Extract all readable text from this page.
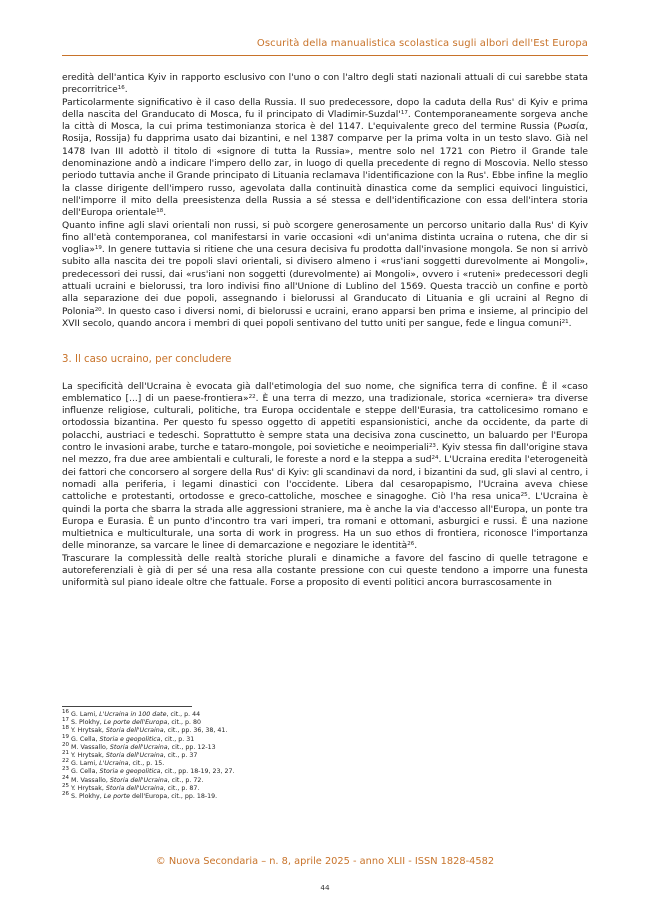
Oscurità della manualistica scolastica sugli albori dell'Est Europa

eredità dell'antica Kyiv in rapporto esclusivo con l'uno o con l'altro degli stati nazionali attuali di cui sarebbe stata precorritrice$^{16}$.

Particolarmente significativo è il caso della Russia. Il suo predecessore, dopo la caduta della Rus' di Kyiv e prima della nascita del Granducato di Mosca, fu il principato di Vladimir-$Suzdal'^{17}$. Contemporaneamente sorgeva anche la città di Mosca, la cui prima testimonianza storica è del 1147. L'equivalente greco del termine Russia (Ρωσία, Rosija, Rossija) fu dapprima usato dai bizantini, e nel 1387 comparve per la prima volta in un testo slavo. Già nel 1478 Ivan III adottò il titolo di «signore di tutta la Russia», mentre solo nel 1721 con Pietro il Grande tale denominazione andò a indicare l'impero dello zar, in luogo di quella precedente di regno di Moscovia. Nello stesso periodo tuttavia anche il Grande principato di Lituania reclamava l'identificazione con la Rus'. Ebbe infine la meglio la classe dirigente dell'impero russo, agevolata dalla continuità dinastica come da semplici equivoci linguistici, nell'imporre il mito della preesistenza della Russia a sé stessa e dell'identificazione con essa dell'intera storia dell'Europa orientale$^{18}$.

Quanto infine agli slavi orientali non russi, si può scorgere generosamente un percorso unitario dalla Rus' di Kyiv fino all'età contemporanea, col manifestarsi in varie occasioni «di un'anima distinta ucraina o rutena, che dir si voglia»$^{19}$. In genere tuttavia si ritiene che una cesura decisiva fu prodotta dall'invasione mongola. Se non si arrivò subito alla nascita dei tre popoli slavi orientali, si divisero almeno i «rus'iani soggetti durevolmente ai Mongoli», predecessori dei russi, dai «rus'iani non soggetti (durevolmente) ai Mongoli», ovvero i «ruteni» predecessori degli attuali ucraini e bielorussi, tra loro indivisi fino all'Unione di Lublino del 1569. Questa tracciò un confine e portò alla separazione dei due popoli, assegnando i bielorussi al Granducato di Lituania e gli ucraini al Regno di Polonia$^{20}$. In questo caso i diversi nomi, di bielorussi e ucraini, erano apparsi ben prima e insieme, al principio del XVII secolo, quando ancora i membri di quei popoli sentivano del tutto uniti per sangue, fede e lingua comuni$^{21}$.

3. Il caso ucraino, per concludere

La specificità dell'Ucraina è evocata già dall'etimologia del suo nome, che significa terra di confine. È il «caso emblematico [...] di un paese-frontiera»$^{22}$. È una terra di mezzo, una tradizionale, storica «cerniera» tra diverse influenze religiose, culturali, politiche, tra Europa occidentale e steppe dell'Eurasia, tra cattolicesimo romano e ortodossia bizantina. Per questo fu spesso oggetto di appetiti espansionistici, anche da occidente, da parte di polacchi, austriaci e tedeschi. Soprattutto è sempre stata una decisiva zona cuscinetto, un baluardo per l'Europa contro le invasioni arabe, turche e tataro-mongole, poi sovietiche e neoimperiali$^{23}$. Kyiv stessa fin dall'origine stava nel mezzo, fra due aree ambientali e culturali, le foreste a nord e la steppa a sud$^{24}$. L'Ucraina eredita l'eterogeneità dei fattori che concorsero al sorgere della Rus' di Kyiv: gli scandinavi da nord, i bizantini da sud, gli slavi al centro, i nomadi alla periferia, i legami dinastici con l'occidente. Libera dal cesaropapismo, l'Ucraina aveva chiese cattoliche e protestanti, ortodosse e greco-cattoliche, moschee e sinagoghe. Ciò l'ha resa unica$^{25}$. L'Ucraina è quindi la porta che sbarra la strada alle aggressioni straniere, ma è anche la via d'accesso all'Europa, un ponte tra Europa e Eurasia. È un punto d'incontro tra vari imperi, tra romani e ottomani, asburgici e russi. È una nazione multietnica e multiculturale, una sorta di work in progress. Ha un suo ethos di frontiera, riconosce l'importanza delle minoranze, sa varcare le linee di demarcazione e negoziare le identità$^{26}$.

Trascurare la complessità delle realtà storiche plurali e dinamiche a favore del fascino di quelle tetragone e autoreferenziali è già di per sé una resa alla costante pressione con cui queste tendono a imporre una funesta uniformità sul piano ideale oltre che fattuale. Forse a proposito di eventi politici ancora burrascosamente in

$^{16}$ G. Lami, L'Ucraina in 100 date, cit., p. 44
$^{17}$ S. Plokhy, Le porte dell'Europa, cit., p. 80
$^{18}$ Y. Hrytsak, Storia dell'Ucraina, cit., pp. 36, 38, 41.
$^{19}$ G. Cella, Storia e geopolitica, cit., p. 31
$^{20}$ M. Vassallo, Storia dell'Ucraina, cit., pp. 12-13
$^{21}$ Y. Hrytsak, Storia dell'Ucraina, cit., p. 37
$^{22}$ G. Lami, L'Ucraina, cit., p. 15.
$^{23}$ G. Cella, Storia e geopolitica, cit., pp. 18-19, 23, 27.
$^{24}$ M. Vassallo, Storia dell'Ucraina, cit., p. 72.
$^{25}$ Y. Hrytsak, Storia dell'Ucraina, cit., p. 87.
$^{26}$ S. Plokhy, Le porte dell'Europa, cit., pp. 18-19.
© Nuova Secondaria – n. 8, aprile 2025 - anno XLII - ISSN 1828-4582
44
